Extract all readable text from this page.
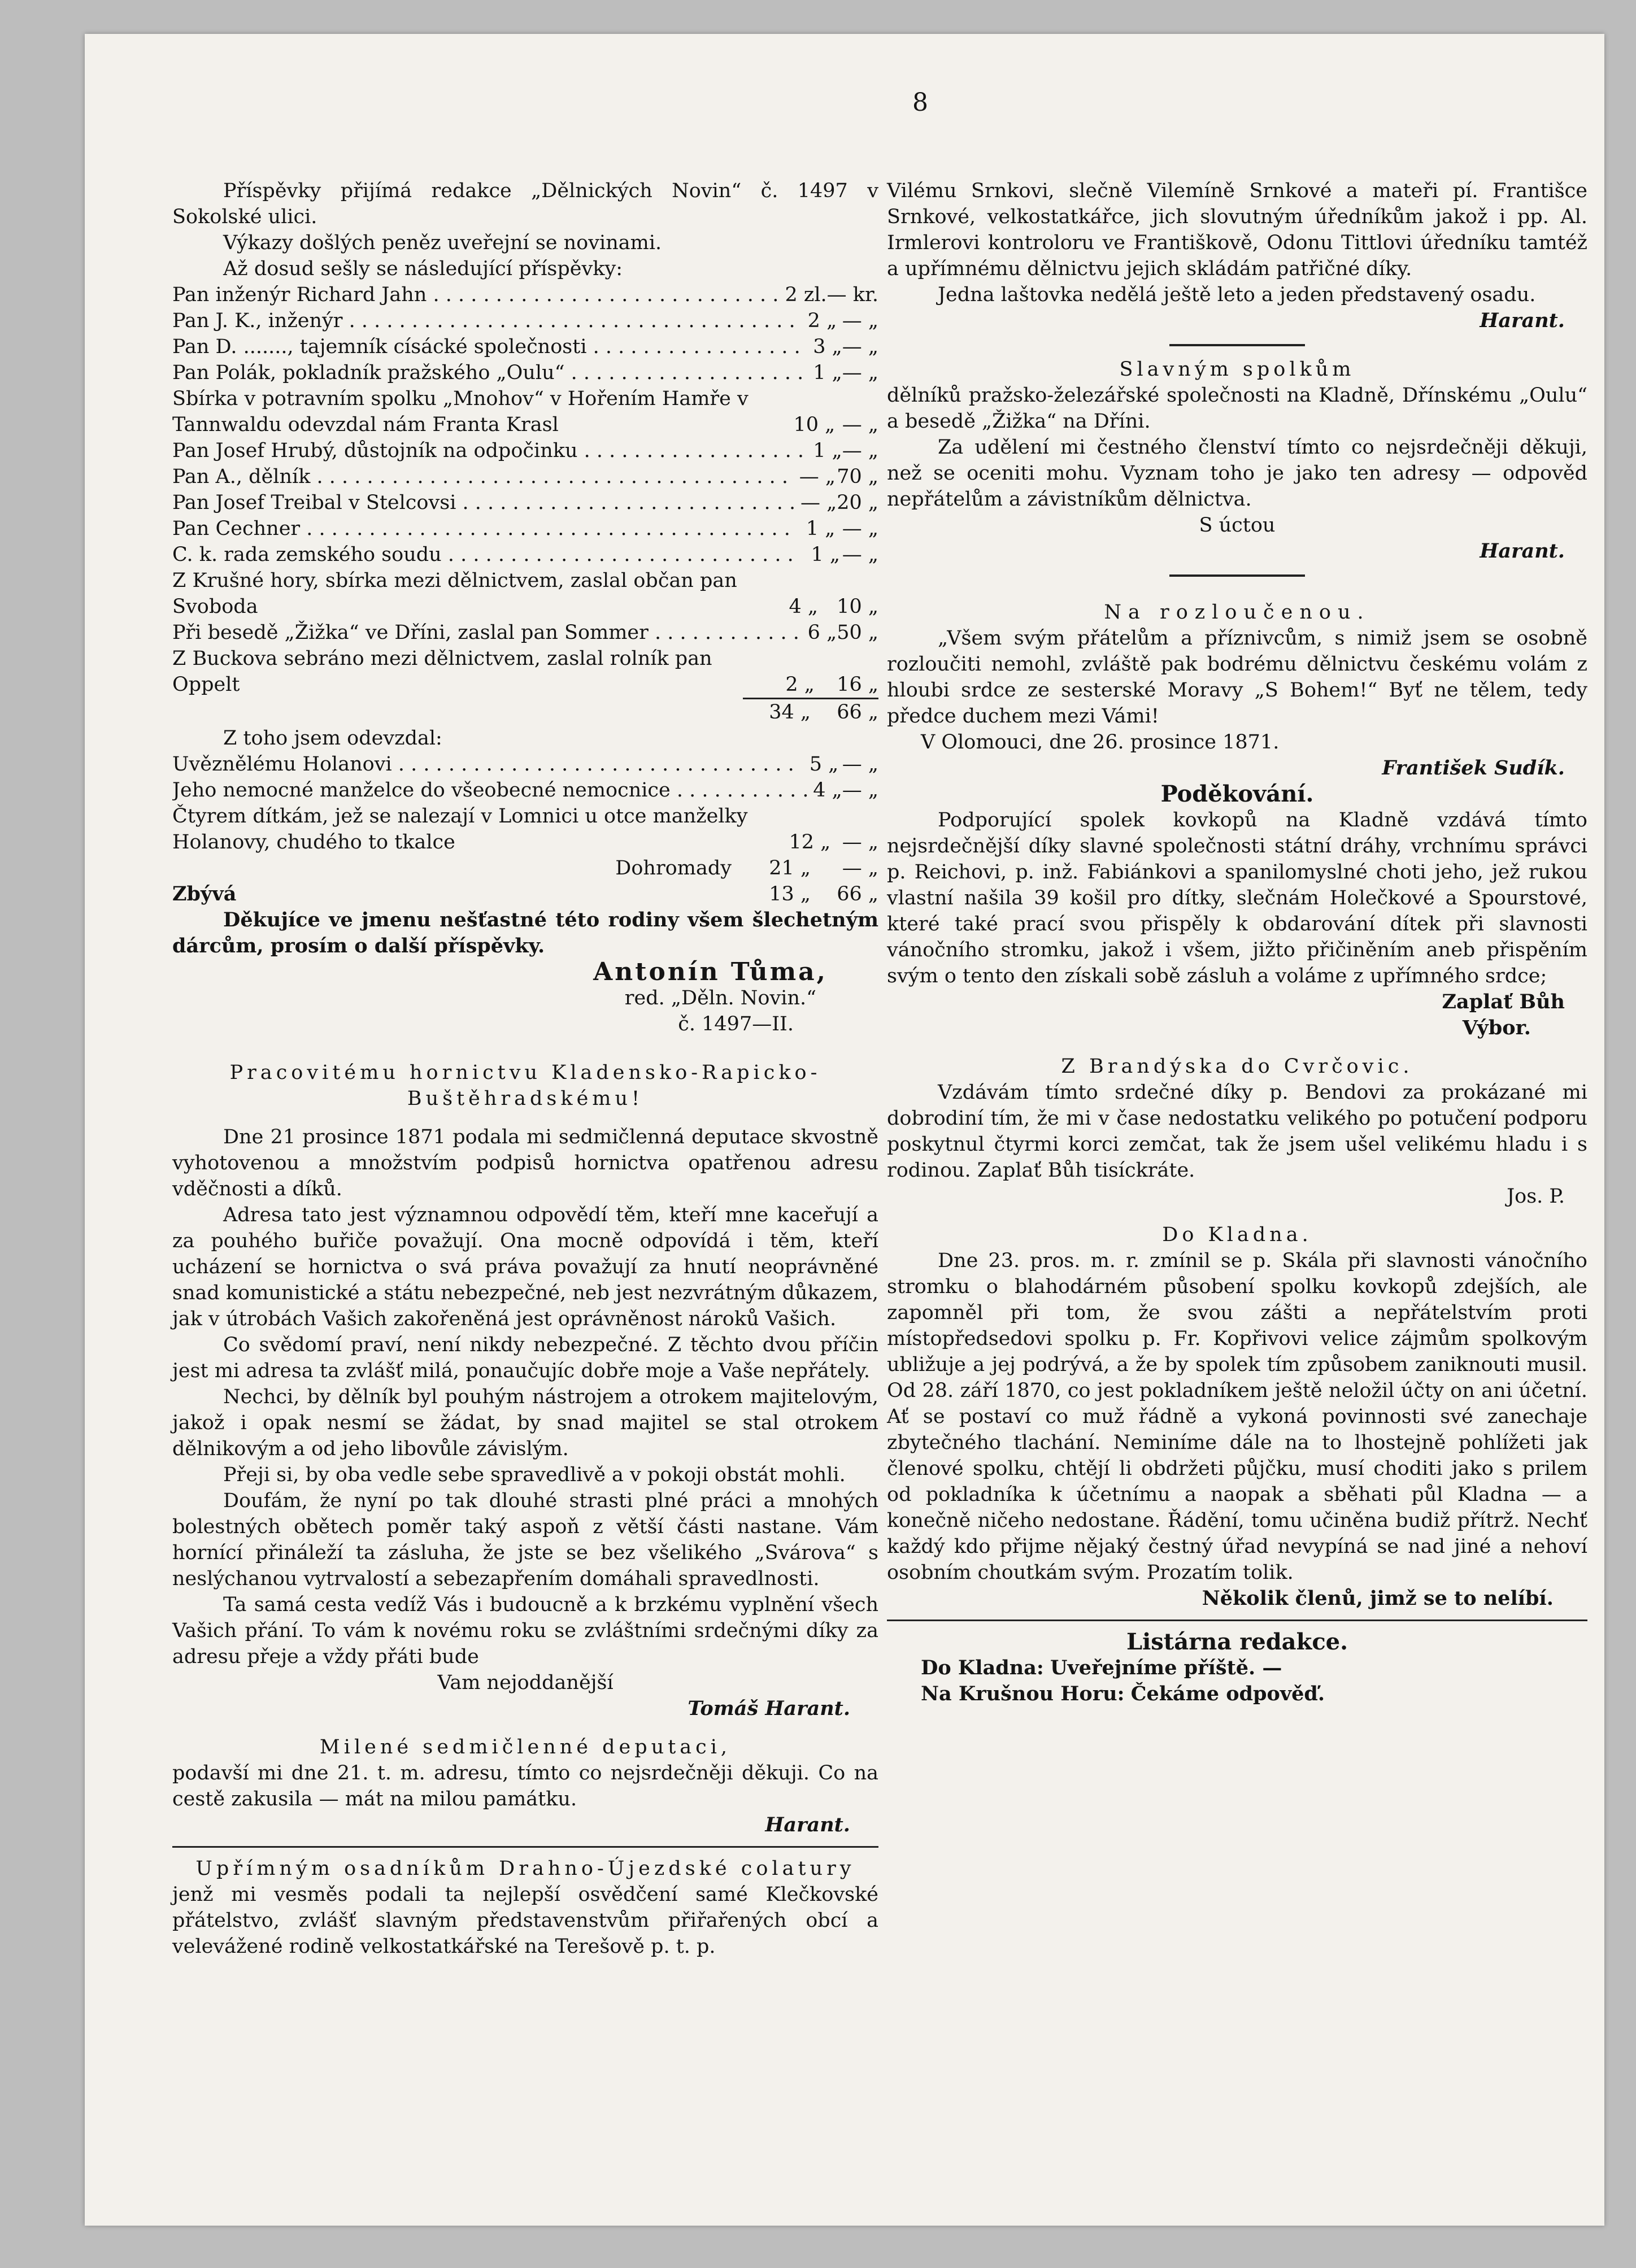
8

Příspěvky přijímá redakce „Dělnických Novin“ č. 1497 v Sokolské ulici.

Výkazy došlých peněz uveřejní se novinami.

Až dosud sešly se následující příspěvky:

Pan inženýr Richard Jahn . . .	2 zl. — kr.
Pan J. K., inženýr . . .	2 „ — „
Pan D. ......., tajemník císácké společnosti . . .	3 „ — „
Pan Polák, pokladník pražského „Oulu“ . . .	1 „ — „
Sbírka v potravním spolku „Mnohov“ v Hořením Hamře v Tannwaldu odevzdal nám Franta Krasl	10 „ — „
Pan Josef Hrubý, důstojník na odpočinku . . .	1 „ — „
Pan A., dělník . . .	— „ 70 „
Pan Josef Treibal v Stelcovsi . . .	— „ 20 „
Pan Cechner . . .	1 „ — „
C. k. rada zemského soudu . . .	1 „ — „
Z Krušné hory, sbírka mezi dělnictvem, zaslal občan pan Svoboda	4 „ 10 „
Při besedě „Žižka“ ve Dříni, zaslal pan Sommer . . .	6 „ 50 „
Z Buckova sebráno mezi dělnictvem, zaslal rolník pan Oppelt	2 „	16 „
34 „	66 „

Z toho jsem odevzdal:

Uvěznělému Holanovi . . .	5 „ — „
Jeho nemocné manželce do všeobecné nemocnice . . .	4 „ — „
Čtyrem dítkám, jež se nalezají v Lomnici u otce manželky Holanovy, chudého to tkalce	12 „ — „
Dohromady	21 „	— „
Zbývá	13 „	66 „

Děkujíce ve jmenu nešťastné této rodiny všem šlechetným dárcům, prosím o další příspěvky.

Antonín Tůma,

red. „Děln. Novin.“

č. 1497—II.

Pracovitému hornictvu Kladensko-Rapicko-Buštěhradskému!

Dne 21 prosince 1871 podala mi sedmičlenná deputace skvostně vyhotovenou a množstvím podpisů hornictva opatřenou adresu vděčnosti a díků.

Adresa tato jest významnou odpovědí těm, kteří mne kaceřují a za pouhého buřiče považují. Ona mocně odpovídá i těm, kteří ucházení se hornictva o svá práva považují za hnutí neoprávněné snad komunistické a státu nebezpečné, neb jest nezvrátným důkazem, jak v útrobách Vašich zakořeněná jest oprávněnost nároků Vašich.

Co svědomí praví, není nikdy nebezpečné. Z těchto dvou příčin jest mi adresa ta zvlášť milá, ponaučujíc dobře moje a Vaše nepřátely.

Nechci, by dělník byl pouhým nástrojem a otrokem majitelovým, jakož i opak nesmí se žádat, by snad majitel se stal otrokem dělnikovým a od jeho libovůle závislým.

Přeji si, by oba vedle sebe spravedlivě a v pokoji obstát mohli.

Doufám, že nyní po tak dlouhé strasti plné práci a mnohých bolestných obětech poměr taký aspoň z větší části nastane. Vám hornící přináleží ta zásluha, že jste se bez všelikého „Svárova“ s neslýchanou vytrvalostí a sebezapřením domáhali spravedlnosti.

Ta samá cesta vedíž Vás i budoucně a k brzkému vyplnění všech Vašich přání. To vám k novému roku se zvláštními srdečnými díky za adresu přeje a vždy přáti bude

Vam nejoddanější

Tomáš Harant.

Milené sedmičlenné deputaci,

podavší mi dne 21. t. m. adresu, tímto co nejsrdečněji děkuji. Co na cestě zakusila — mát na milou památku.

Harant.

Upřímným osadníkům Drahno-Újezdské colatury

jenž mi vesměs podali ta nejlepší osvědčení samé Klečkovské přátelstvo, zvlášť slavným představenstvům přiřařených obcí a velevážené rodině velkostatkářské na Terešově p. t. p.

Vilému Srnkovi, slečně Vilemíně Srnkové a mateři pí. Františce Srnkové, velkostatkářce, jich slovutným úředníkům jakož i pp. Al. Irmlerovi kontroloru ve Františkově, Odonu Tittlovi úředníku tamtéž a upřímnému dělnictvu jejich skládám patřičné díky.

Jedna laštovka nedělá ještě leto a jeden představený osadu.

Harant.

Slavným spolkům

dělníků pražsko-železářské společnosti na Kladně, Dřínskému „Oulu“ a besedě „Žižka“ na Dříni.

Za udělení mi čestného členství tímto co nejsrdečněji děkuji, než se oceniti mohu. Vyznam toho je jako ten adresy — odpověd nepřátelům a závistníkům dělnictva.

S úctou

Harant.

Na rozloučenou.

„Všem svým přátelům a příznivcům, s nimiž jsem se osobně rozloučiti nemohl, zvláště pak bodrému dělnictvu českému volám z hloubi srdce ze sesterské Moravy „S Bohem!“ Byť ne tělem, tedy předce duchem mezi Vámi!

V Olomouci, dne 26. prosince 1871.

František Sudík.

Poděkování.

Podporující spolek kovkopů na Kladně vzdává tímto nejsrdečnější díky slavné společnosti státní dráhy, vrchnímu správci p. Reichovi, p. inž. Fabiánkovi a spanilomyslné choti jeho, jež rukou vlastní našila 39 košil pro dítky, slečnám Holečkové a Spourstové, které také prací svou přispěly k obdarování dítek při slavnosti vánočního stromku, jakož i všem, jižto přičiněním aneb přispěním svým o tento den získali sobě zásluh a voláme z upřímného srdce;

Zaplať Bůh

Výbor.

Z Brandýska do Cvrčovic.

Vzdávám tímto srdečné díky p. Bendovi za prokázané mi dobrodiní tím, že mi v čase nedostatku velikého po potučení podporu poskytnul čtyrmi korci zemčat, tak že jsem ušel velikému hladu i s rodinou. Zaplať Bůh tisíckráte.

Jos. P.

Do Kladna.

Dne 23. pros. m. r. zmínil se p. Skála při slavnosti vánočního stromku o blahodárném působení spolku kovkopů zdejších, ale zapomněl při tom, že svou zášti a nepřátelstvím proti místopředsedovi spolku p. Fr. Kopřivovi velice zájmům spolkovým ubližuje a jej podrývá, a že by spolek tím způsobem zaniknouti musil. Od 28. září 1870, co jest pokladníkem ještě neložil účty on ani účetní. Ať se postaví co muž řádně a vykoná povinnosti své zanechaje zbytečného tlachání. Neminíme dále na to lhostejně pohlížeti jak členové spolku, chtějí li obdržeti půjčku, musí choditi jako s prilem od pokladníka k účetnímu a naopak a sběhati půl Kladna — a konečně ničeho nedostane. Řádění, tomu učiněna budiž přítrž. Nechť každý kdo přijme nějaký čestný úřad nevypíná se nad jiné a nehoví osobním choutkám svým. Prozatím tolik.

Několik členů, jimž se to nelíbí.

Listárna redakce.

Do Kladna: Uveřejníme příště. —

Na Krušnou Horu: Čekáme odpověď.
